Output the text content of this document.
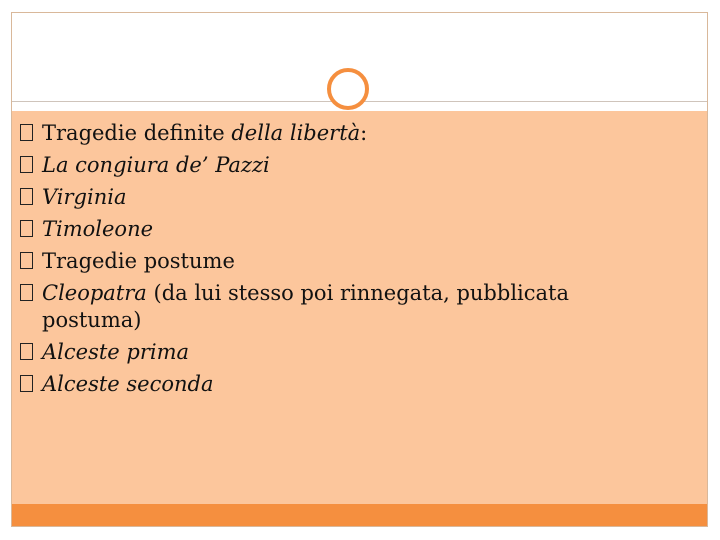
Tragedie definite della libertà:
La congiura de’ Pazzi
Virginia
Timoleone
Tragedie postume
Cleopatra (da lui stesso poi rinnegata, pubblicata
postuma)
Alceste prima
Alceste seconda
